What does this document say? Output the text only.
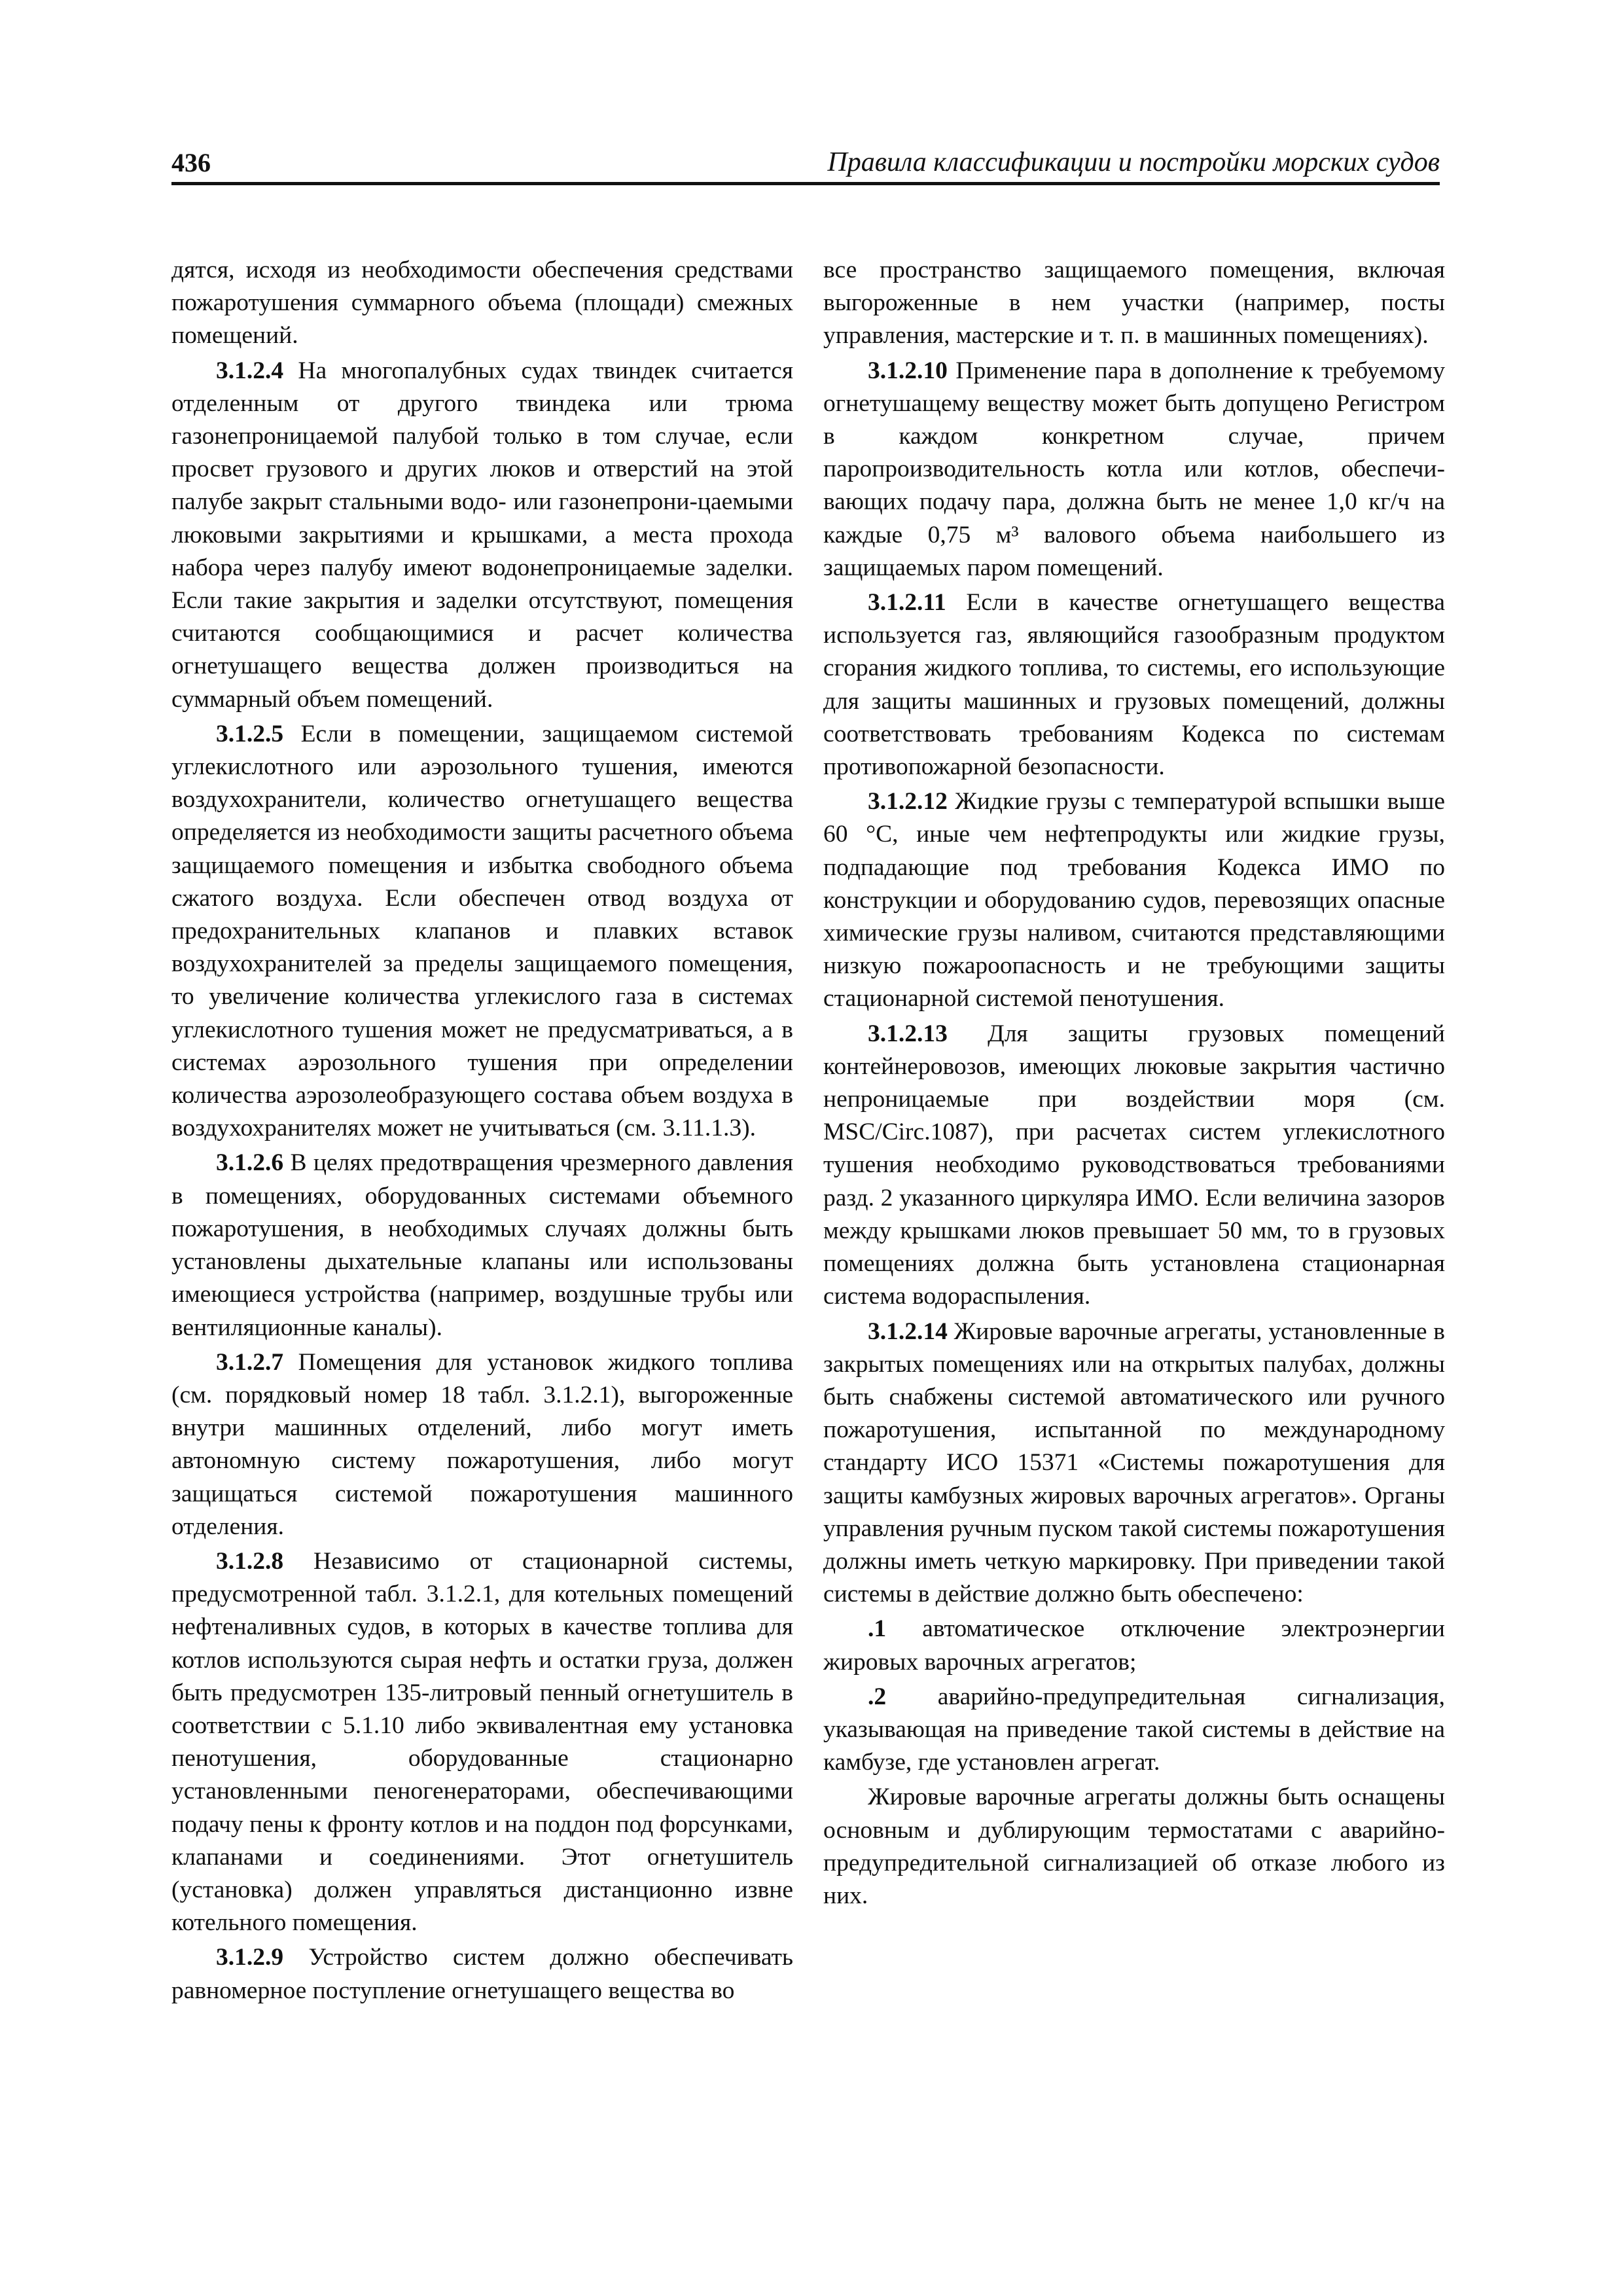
436	Правила классификации и постройки морских судов

дятся, исходя из необходимости обеспечения средствами пожаротушения суммарного объема (площади) смежных помещений.

3.1.2.4 На многопалубных судах твиндек считается отделенным от другого твиндека или трюма газонепроницаемой палубой только в том случае, если просвет грузового и других люков и отверстий на этой палубе закрыт стальными водо- или газонепрони-цаемыми люковыми закрытиями и крышками, а места прохода набора через палубу имеют водонепроницаемые заделки. Если такие закрытия и заделки отсутствуют, помещения считаются сообщающимися и расчет количества огнетушащего вещества должен производиться на суммарный объем помещений.

3.1.2.5 Если в помещении, защищаемом системой углекислотного или аэрозольного тушения, имеются воздухохранители, количество огнетушащего вещества определяется из необходимости защиты расчетного объема защищаемого помещения и избытка свободного объема сжатого воздуха. Если обеспечен отвод воздуха от предохранительных клапанов и плавких вставок воздухохранителей за пределы защищаемого помещения, то увеличение количества углекислого газа в системах углекислотного тушения может не предусматриваться, а в системах аэрозольного тушения при определении количества аэрозолеобразующего состава объем воздуха в воздухохранителях может не учитываться (см. 3.11.1.3).

3.1.2.6 В целях предотвращения чрезмерного давления в помещениях, оборудованных системами объемного пожаротушения, в необходимых случаях должны быть установлены дыхательные клапаны или использованы имеющиеся устройства (например, воздушные трубы или вентиляционные каналы).

3.1.2.7 Помещения для установок жидкого топлива (см. порядковый номер 18 табл. 3.1.2.1), выгороженные внутри машинных отделений, либо могут иметь автономную систему пожаротушения, либо могут защищаться системой пожаротушения машинного отделения.

3.1.2.8 Независимо от стационарной системы, предусмотренной табл. 3.1.2.1, для котельных помещений нефтеналивных судов, в которых в качестве топлива для котлов используются сырая нефть и остатки груза, должен быть предусмотрен 135-литровый пенный огнетушитель в соответствии с 5.1.10 либо эквивалентная ему установка пенотушения, оборудованные стационарно установленными пеногенераторами, обеспечивающими подачу пены к фронту котлов и на поддон под форсунками, клапанами и соединениями. Этот огнетушитель (установка) должен управляться дистанционно извне котельного помещения.

3.1.2.9 Устройство систем должно обеспечивать равномерное поступление огнетушащего вещества во

все пространство защищаемого помещения, включая выгороженные в нем участки (например, посты управления, мастерские и т. п. в машинных помещениях).

3.1.2.10 Применение пара в дополнение к требуемому огнетушащему веществу может быть допущено Регистром в каждом конкретном случае, причем паропроизводительность котла или котлов, обеспечивающих подачу пара, должна быть не менее 1,0 кг/ч на каждые 0,75 м³ валового объема наибольшего из защищаемых паром помещений.

3.1.2.11 Если в качестве огнетушащего вещества используется газ, являющийся газообразным продуктом сгорания жидкого топлива, то системы, его использующие для защиты машинных и грузовых помещений, должны соответствовать требованиям Кодекса по системам противопожарной безопасности.

3.1.2.12 Жидкие грузы с температурой вспышки выше 60 °С, иные чем нефтепродукты или жидкие грузы, подпадающие под требования Кодекса ИМО по конструкции и оборудованию судов, перевозящих опасные химические грузы наливом, считаются представляющими низкую пожароопасность и не требующими защиты стационарной системой пенотушения.

3.1.2.13 Для защиты грузовых помещений контейнеровозов, имеющих люковые закрытия частично непроницаемые при воздействии моря (см. MSC/Circ.1087), при расчетах систем углекислотного тушения необходимо руководствоваться требованиями разд. 2 указанного циркуляра ИМО. Если величина зазоров между крышками люков превышает 50 мм, то в грузовых помещениях должна быть установлена стационарная система водораспыления.

3.1.2.14 Жировые варочные агрегаты, установленные в закрытых помещениях или на открытых палубах, должны быть снабжены системой автоматического или ручного пожаротушения, испытанной по международному стандарту ИСО 15371 «Системы пожаротушения для защиты камбузных жировых варочных агрегатов». Органы управления ручным пуском такой системы пожаротушения должны иметь четкую маркировку. При приведении такой системы в действие должно быть обеспечено:

.1 автоматическое отключение электроэнергии жировых варочных агрегатов;

.2 аварийно-предупредительная сигнализация, указывающая на приведение такой системы в действие на камбузе, где установлен агрегат.

Жировые варочные агрегаты должны быть оснащены основным и дублирующим термостатами с аварийно-предупредительной сигнализацией об отказе любого из них.
